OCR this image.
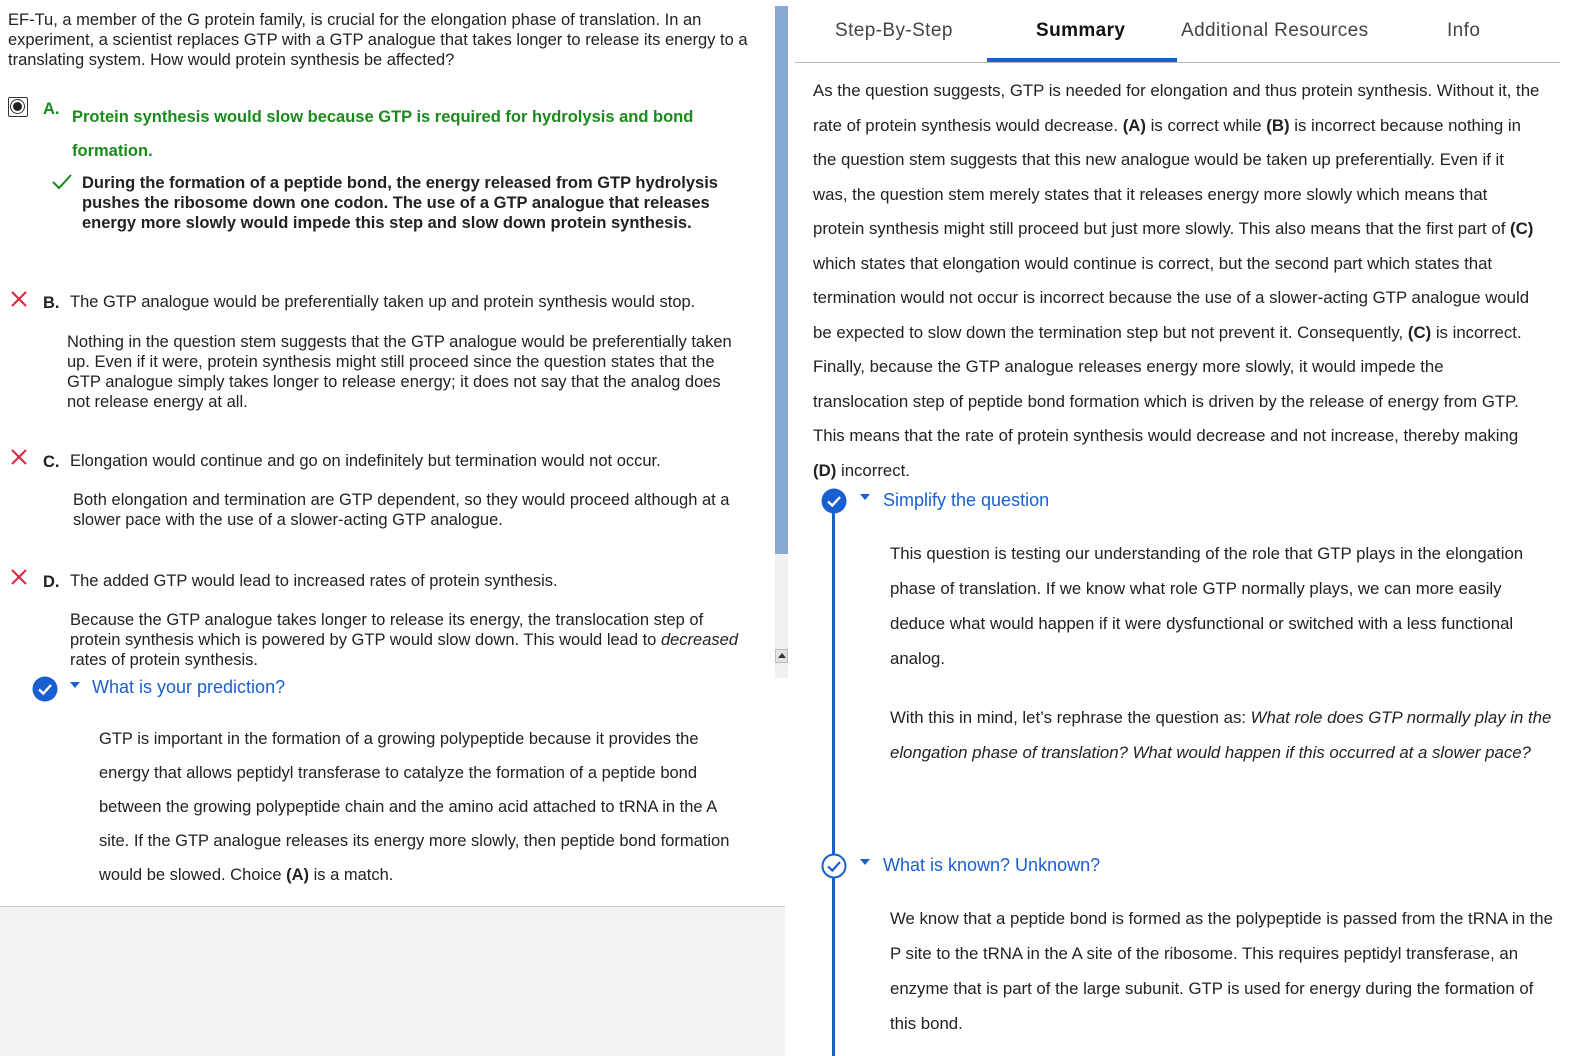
EF-Tu, a member of the G protein family, is crucial for the elongation phase of translation. In an experiment, a scientist replaces GTP with a GTP analogue that takes longer to release its energy to a translating system. How would protein synthesis be affected?
A. Protein synthesis would slow because GTP is required for hydrolysis and bond formation.
During the formation of a peptide bond, the energy released from GTP hydrolysis pushes the ribosome down one codon. The use of a GTP analogue that releases energy more slowly would impede this step and slow down protein synthesis.
B. The GTP analogue would be preferentially taken up and protein synthesis would stop.
Nothing in the question stem suggests that the GTP analogue would be preferentially taken up. Even if it were, protein synthesis might still proceed since the question states that the GTP analogue simply takes longer to release energy; it does not say that the analog does not release energy at all.
C. Elongation would continue and go on indefinitely but termination would not occur.
Both elongation and termination are GTP dependent, so they would proceed although at a slower pace with the use of a slower-acting GTP analogue.
D. The added GTP would lead to increased rates of protein synthesis.
Because the GTP analogue takes longer to release its energy, the translocation step of protein synthesis which is powered by GTP would slow down. This would lead to decreased rates of protein synthesis.
What is your prediction?
GTP is important in the formation of a growing polypeptide because it provides the energy that allows peptidyl transferase to catalyze the formation of a peptide bond between the growing polypeptide chain and the amino acid attached to tRNA in the A site. If the GTP analogue releases its energy more slowly, then peptide bond formation would be slowed. Choice (A) is a match.
Step-By-Step	Summary	Additional Resources	Info
As the question suggests, GTP is needed for elongation and thus protein synthesis. Without it, the rate of protein synthesis would decrease. (A) is correct while (B) is incorrect because nothing in the question stem suggests that this new analogue would be taken up preferentially. Even if it was, the question stem merely states that it releases energy more slowly which means that protein synthesis might still proceed but just more slowly. This also means that the first part of (C) which states that elongation would continue is correct, but the second part which states that termination would not occur is incorrect because the use of a slower-acting GTP analogue would be expected to slow down the termination step but not prevent it. Consequently, (C) is incorrect. Finally, because the GTP analogue releases energy more slowly, it would impede the translocation step of peptide bond formation which is driven by the release of energy from GTP. This means that the rate of protein synthesis would decrease and not increase, thereby making (D) incorrect.
Simplify the question
This question is testing our understanding of the role that GTP plays in the elongation phase of translation. If we know what role GTP normally plays, we can more easily deduce what would happen if it were dysfunctional or switched with a less functional analog.
With this in mind, let’s rephrase the question as: What role does GTP normally play in the elongation phase of translation? What would happen if this occurred at a slower pace?
What is known? Unknown?
We know that a peptide bond is formed as the polypeptide is passed from the tRNA in the P site to the tRNA in the A site of the ribosome. This requires peptidyl transferase, an enzyme that is part of the large subunit. GTP is used for energy during the formation of this bond.
